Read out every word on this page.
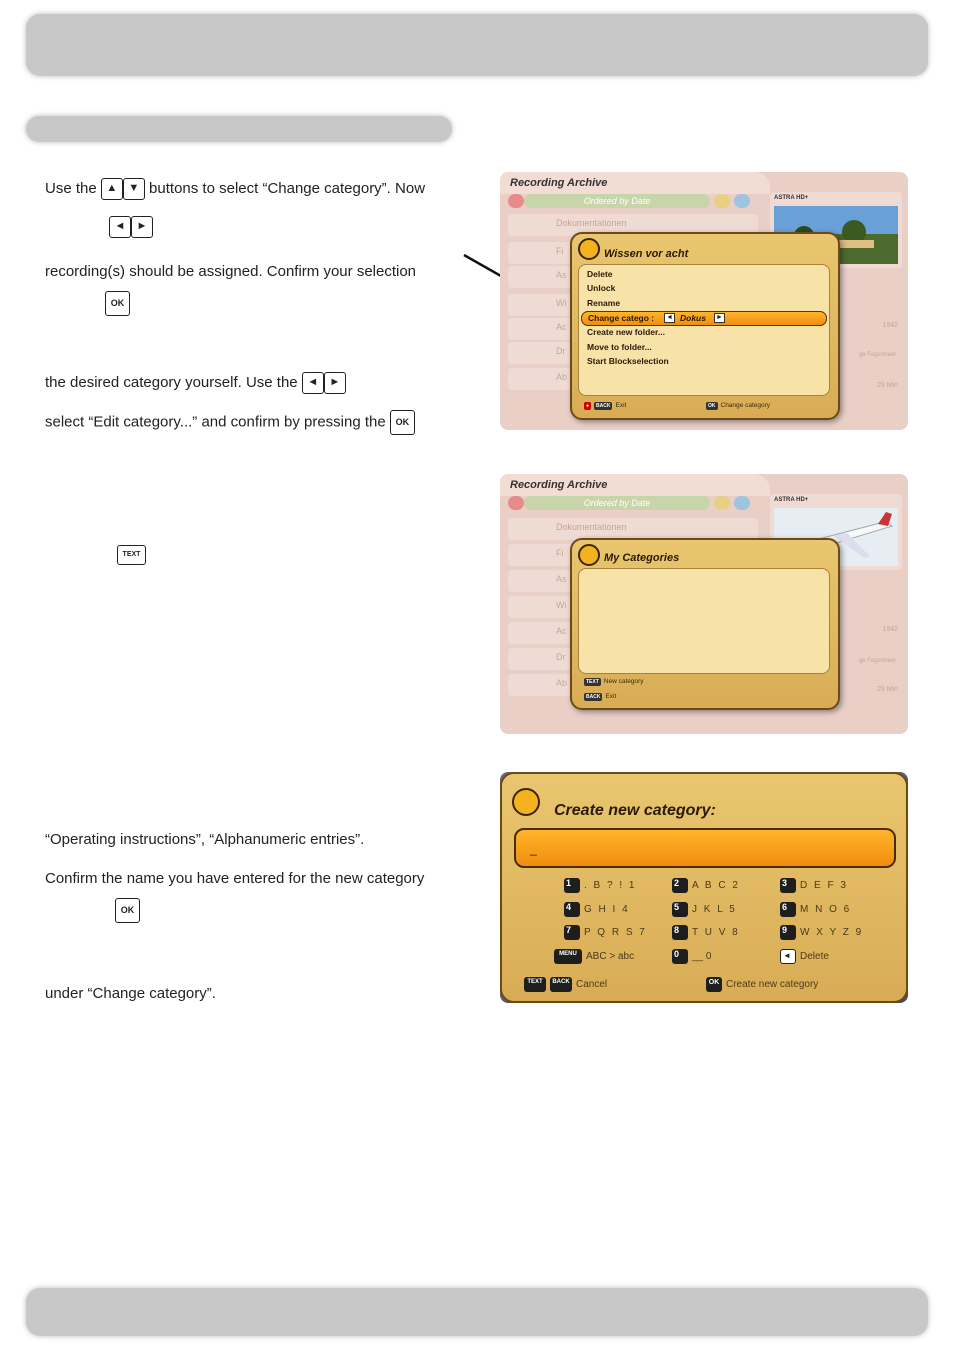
Use the ▲ ▼ buttons to select “Change category”. Now
◄ ►
recording(s) should be assigned. Confirm your selection
OK
the desired category yourself. Use the ◄ ►
select “Edit category...” and confirm by pressing the OK
TEXT
“Operating instructions”, “Alphanumeric entries”.
Confirm the name you have entered for the new category
OK
under “Change category”.
Recording Archive
Ordered by Date
Dokumentationen
Fi
As
Wi
Ac
Dr
Ab
ASTRA HD+
1942
ge Fogesheer
29 Min
Wissen vor acht
Delete
Unlock
Rename
Change catego : ◄ Dokus ►
Create new folder...
Move to folder...
Start Blockselection
● BACK Exit	OK Change category
Recording Archive
Ordered by Date
Dokumentationen
Fi
As
Wi
Ac
Dr
Ab
ASTRA HD+
1942
ge Fogesheer
29 Min
My Categories
TEXT New category
BACK Exit
Create new category:
_
1 . B ? ! 1	2 A B C 2	3 D E F 3
4 G H I 4	5 J K L 5	6 M N O 6
7 P Q R S 7	8 T U V 8	9 W X Y Z 9
MENU ABC > abc	0 __ 0	◄ Delete
TEXT BACK Cancel	OK Create new category
